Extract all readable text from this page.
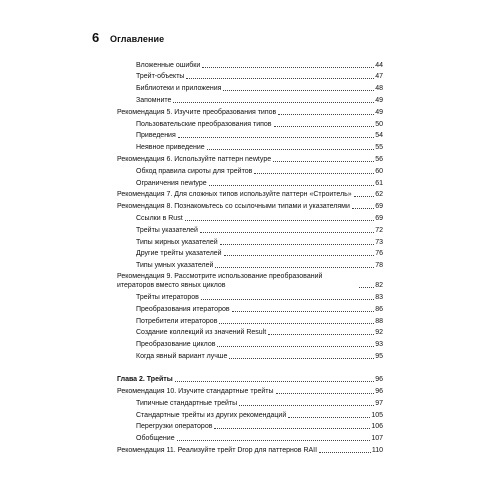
6	Оглавление
Вложенные ошибки	44
Трейт-объекты	47
Библиотеки и приложения	48
Запомните	49
Рекомендация 5. Изучите преобразования типов	49
Пользовательские преобразования типов	50
Приведения	54
Неявное приведение	55
Рекомендация 6. Используйте паттерн newtype	56
Обход правила сироты для трейтов	60
Ограничения newtype	61
Рекомендация 7. Для сложных типов используйте паттерн «Строитель»	62
Рекомендация 8. Познакомьтесь со ссылочными типами и указателями	69
Ссылки в Rust	69
Трейты указателей	72
Типы жирных указателей	73
Другие трейты указателей	76
Типы умных указателей	78
Рекомендация 9. Рассмотрите использование преобразований итераторов вместо явных циклов	82
Трейты итераторов	83
Преобразования итераторов	86
Потребители итераторов	88
Создание коллекций из значений Result	92
Преобразование циклов	93
Когда явный вариант лучше	95
Глава 2. Трейты	96
Рекомендация 10. Изучите стандартные трейты	96
Типичные стандартные трейты	97
Стандартные трейты из других рекомендаций	105
Перегрузки операторов	106
Обобщение	107
Рекомендация 11. Реализуйте трейт Drop для паттернов RAII	110
